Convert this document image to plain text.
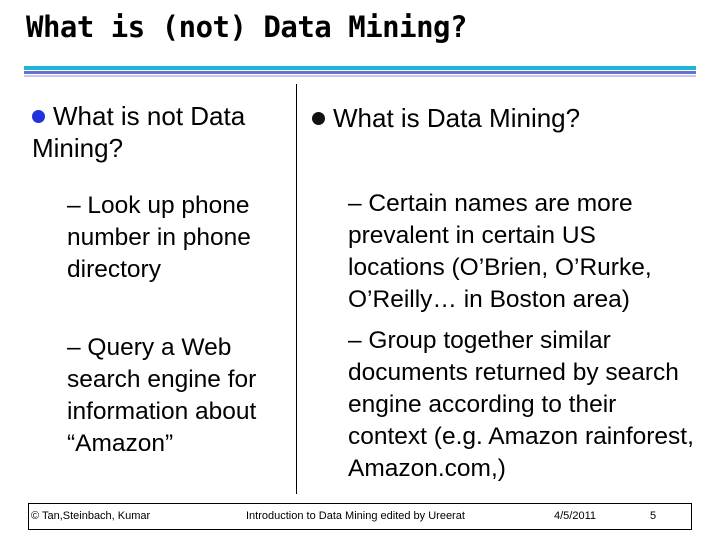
What is (not) Data Mining?

What is not Data Mining?

– Look up phone number in phone directory

– Query a Web search engine for information about “Amazon”

What is Data Mining?

– Certain names are more prevalent in certain US locations (O’Brien, O’Rurke, O’Reilly… in Boston area)

– Group together similar documents returned by search engine according to their context (e.g. Amazon rainforest, Amazon.com,)

© Tan,Steinbach, Kumar	Introduction to Data Mining edited by Ureerat	4/5/2011	5
